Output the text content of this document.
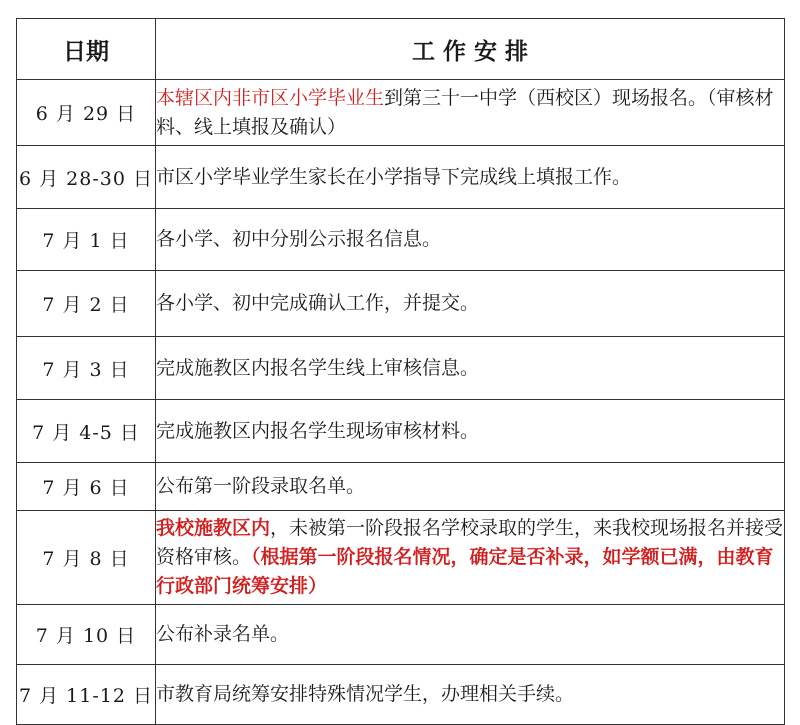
日期	工 作 安 排
6 月 29 日	本辖区内非市区小学毕业生到第三十一中学（西校区）现场报名。（审核材料、线上填报及确认）
6 月 28-30 日	市区小学毕业学生家长在小学指导下完成线上填报工作。
7 月 1 日	各小学、初中分别公示报名信息。
7 月 2 日	各小学、初中完成确认工作，并提交。
7 月 3 日	完成施教区内报名学生线上审核信息。
7 月 4-5 日	完成施教区内报名学生现场审核材料。
7 月 6 日	公布第一阶段录取名单。
7 月 8 日	我校施教区内，未被第一阶段报名学校录取的学生，来我校现场报名并接受资格审核。（根据第一阶段报名情况，确定是否补录，如学额已满，由教育行政部门统筹安排）
7 月 10 日	公布补录名单。
7 月 11-12 日	市教育局统筹安排特殊情况学生，办理相关手续。
